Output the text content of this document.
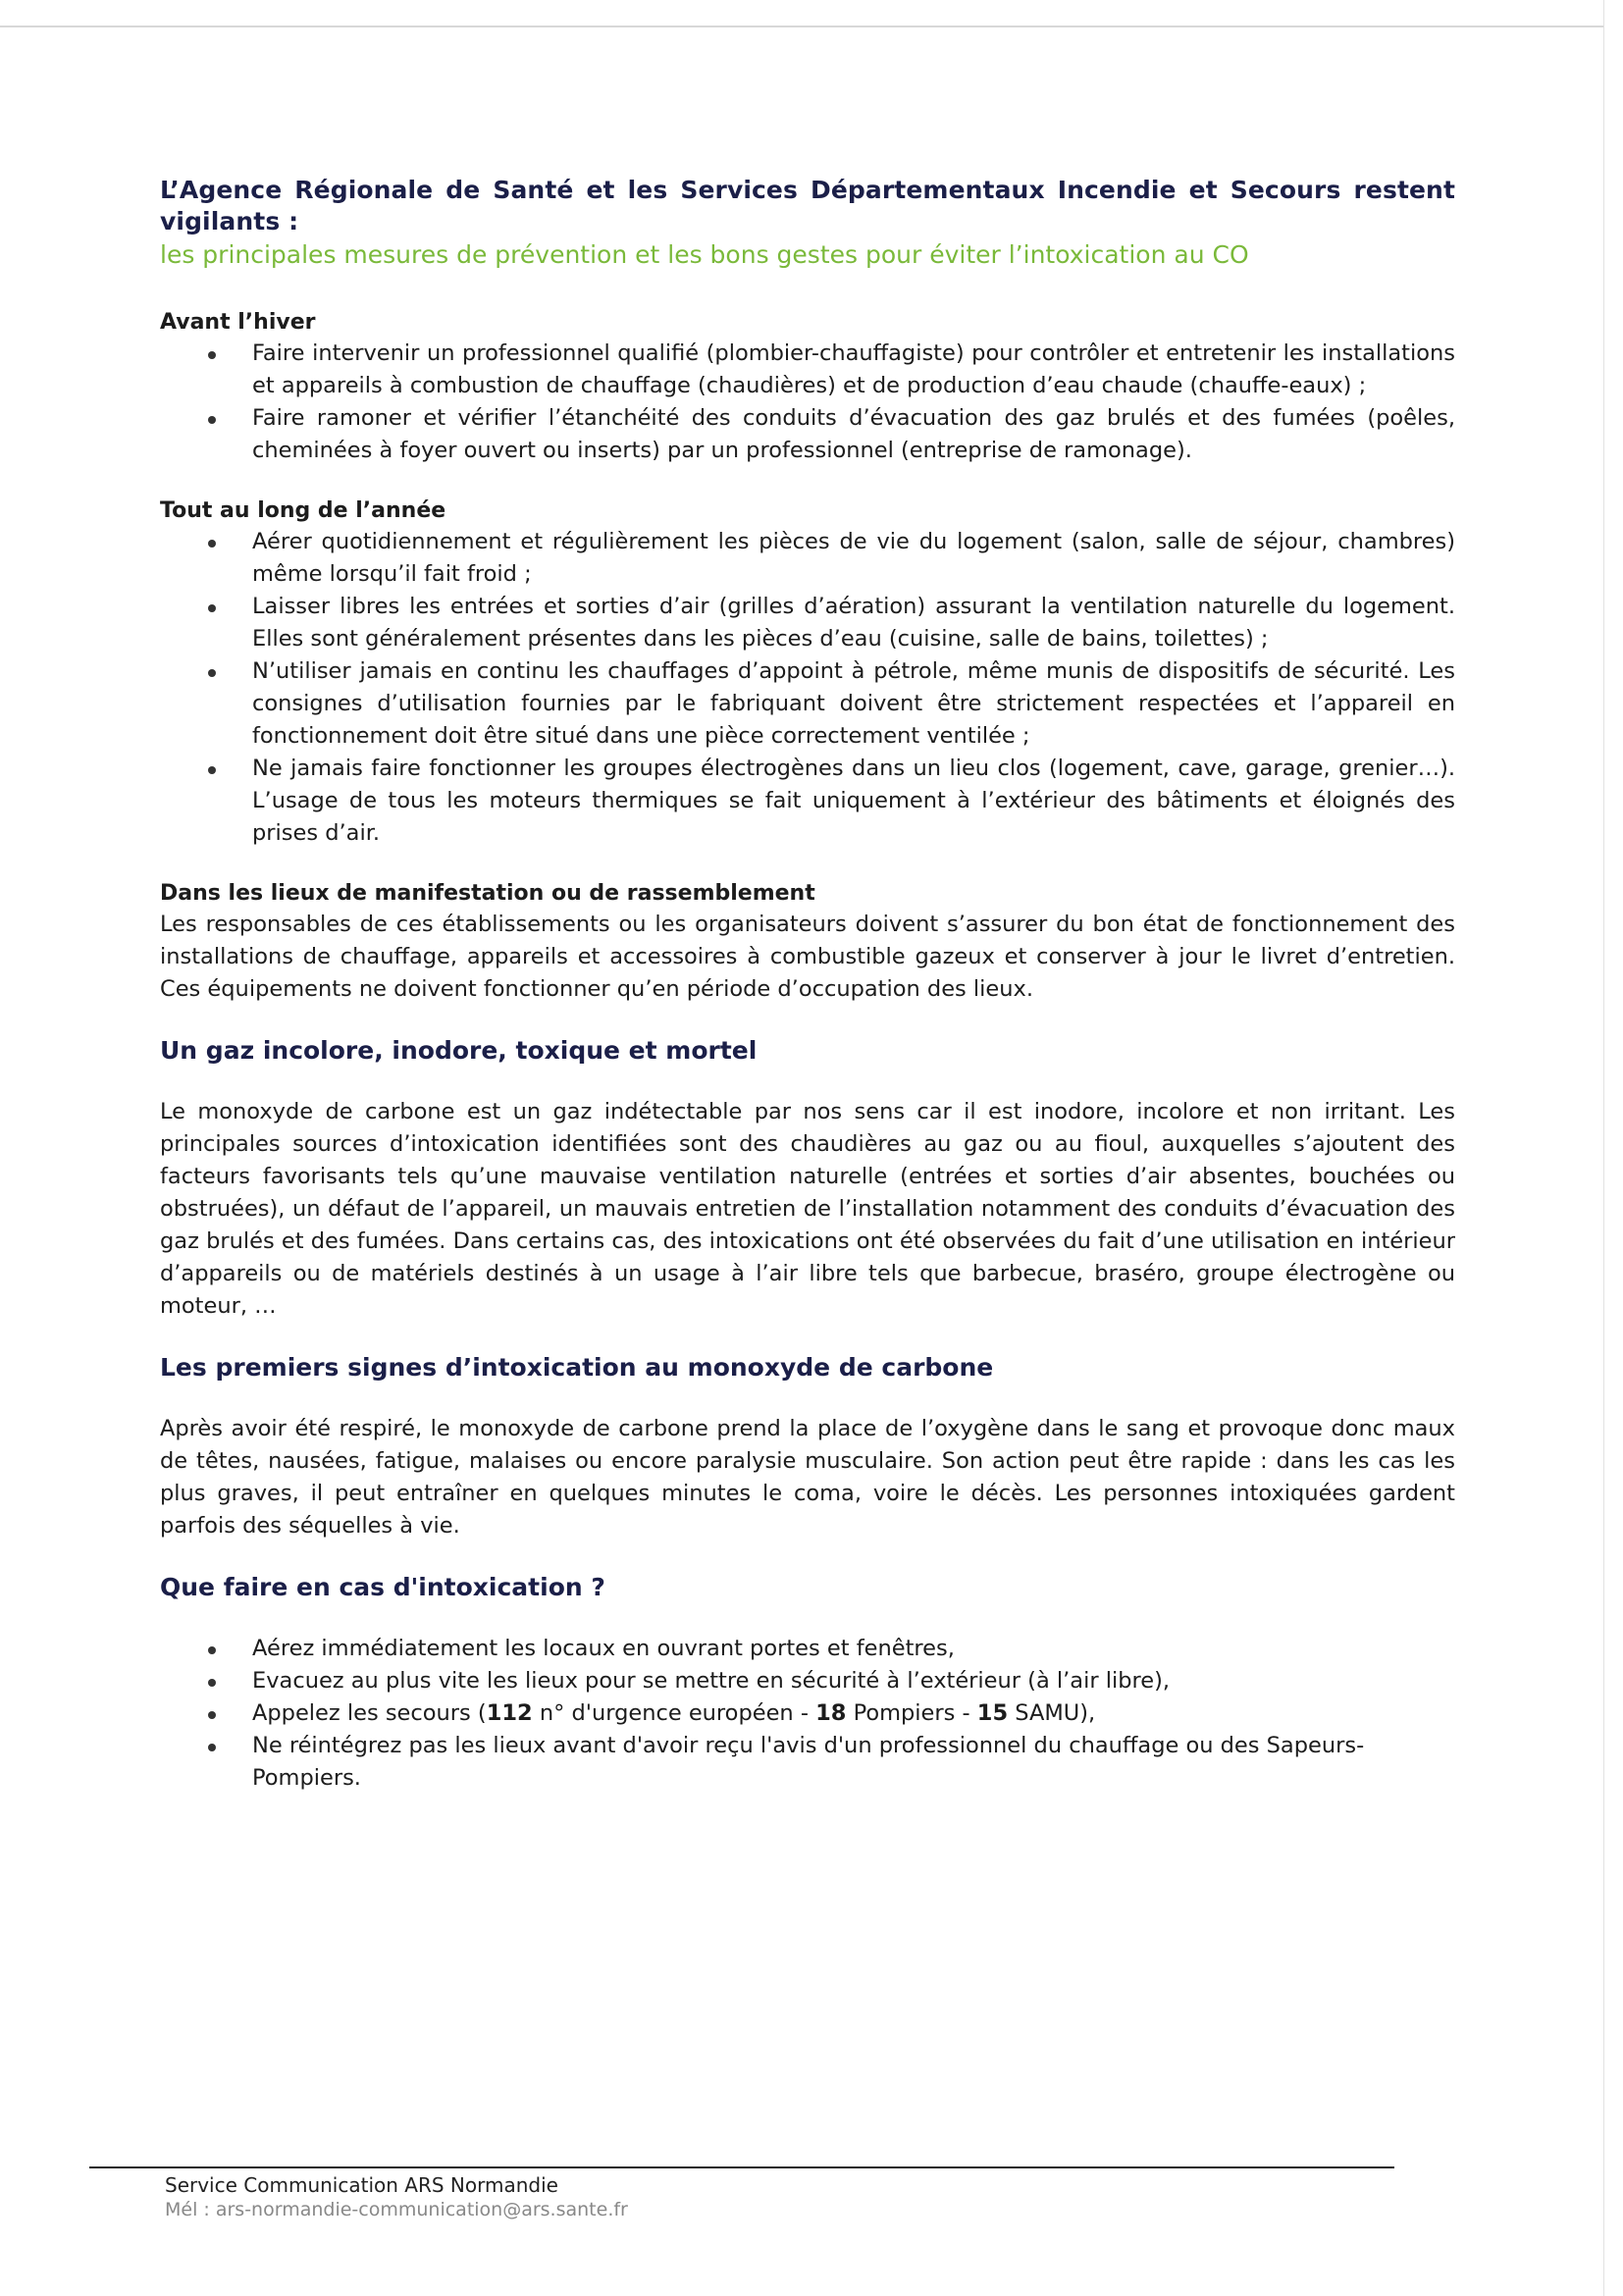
L’Agence Régionale de Santé et les Services Départementaux Incendie et Secours restent vigilants :
les principales mesures de prévention et les bons gestes pour éviter l’intoxication au CO
Avant l’hiver
Faire intervenir un professionnel qualifié (plombier-chauffagiste) pour contrôler et entretenir les installations et appareils à combustion de chauffage (chaudières) et de production d’eau chaude (chauffe-eaux) ;
Faire ramoner et vérifier l’étanchéité des conduits d’évacuation des gaz brulés et des fumées (poêles, cheminées à foyer ouvert ou inserts) par un professionnel (entreprise de ramonage).
Tout au long de l’année
Aérer quotidiennement et régulièrement les pièces de vie du logement (salon, salle de séjour, chambres) même lorsqu’il fait froid ;
Laisser libres les entrées et sorties d’air (grilles d’aération) assurant la ventilation naturelle du logement. Elles sont généralement présentes dans les pièces d’eau (cuisine, salle de bains, toilettes) ;
N’utiliser jamais en continu les chauffages d’appoint à pétrole, même munis de dispositifs de sécurité. Les consignes d’utilisation fournies par le fabriquant doivent être strictement respectées et l’appareil en fonctionnement doit être situé dans une pièce correctement ventilée ;
Ne jamais faire fonctionner les groupes électrogènes dans un lieu clos (logement, cave, garage, grenier…). L’usage de tous les moteurs thermiques se fait uniquement à l’extérieur des bâtiments et éloignés des prises d’air.
Dans les lieux de manifestation ou de rassemblement

Les responsables de ces établissements ou les organisateurs doivent s’assurer du bon état de fonctionnement des installations de chauffage, appareils et accessoires à combustible gazeux et conserver à jour le livret d’entretien. Ces équipements ne doivent fonctionner qu’en période d’occupation des lieux.

Un gaz incolore, inodore, toxique et mortel

Le monoxyde de carbone est un gaz indétectable par nos sens car il est inodore, incolore et non irritant. Les principales sources d’intoxication identifiées sont des chaudières au gaz ou au fioul, auxquelles s’ajoutent des facteurs favorisants tels qu’une mauvaise ventilation naturelle (entrées et sorties d’air absentes, bouchées ou obstruées), un défaut de l’appareil, un mauvais entretien de l’installation notamment des conduits d’évacuation des gaz brulés et des fumées. Dans certains cas, des intoxications ont été observées du fait d’une utilisation en intérieur d’appareils ou de matériels destinés à un usage à l’air libre tels que barbecue, braséro, groupe électrogène ou moteur, …

Les premiers signes d’intoxication au monoxyde de carbone

Après avoir été respiré, le monoxyde de carbone prend la place de l’oxygène dans le sang et provoque donc maux de têtes, nausées, fatigue, malaises ou encore paralysie musculaire. Son action peut être rapide : dans les cas les plus graves, il peut entraîner en quelques minutes le coma, voire le décès. Les personnes intoxiquées gardent parfois des séquelles à vie.

Que faire en cas d'intoxication ?
Aérez immédiatement les locaux en ouvrant portes et fenêtres,
Evacuez au plus vite les lieux pour se mettre en sécurité à l’extérieur (à l’air libre),
Appelez les secours (112 n° d'urgence européen - 18 Pompiers - 15 SAMU),
Ne réintégrez pas les lieux avant d'avoir reçu l'avis d'un professionnel du chauffage ou des Sapeurs-Pompiers.
Service Communication ARS Normandie
Mél : ars-normandie-communication@ars.sante.fr
